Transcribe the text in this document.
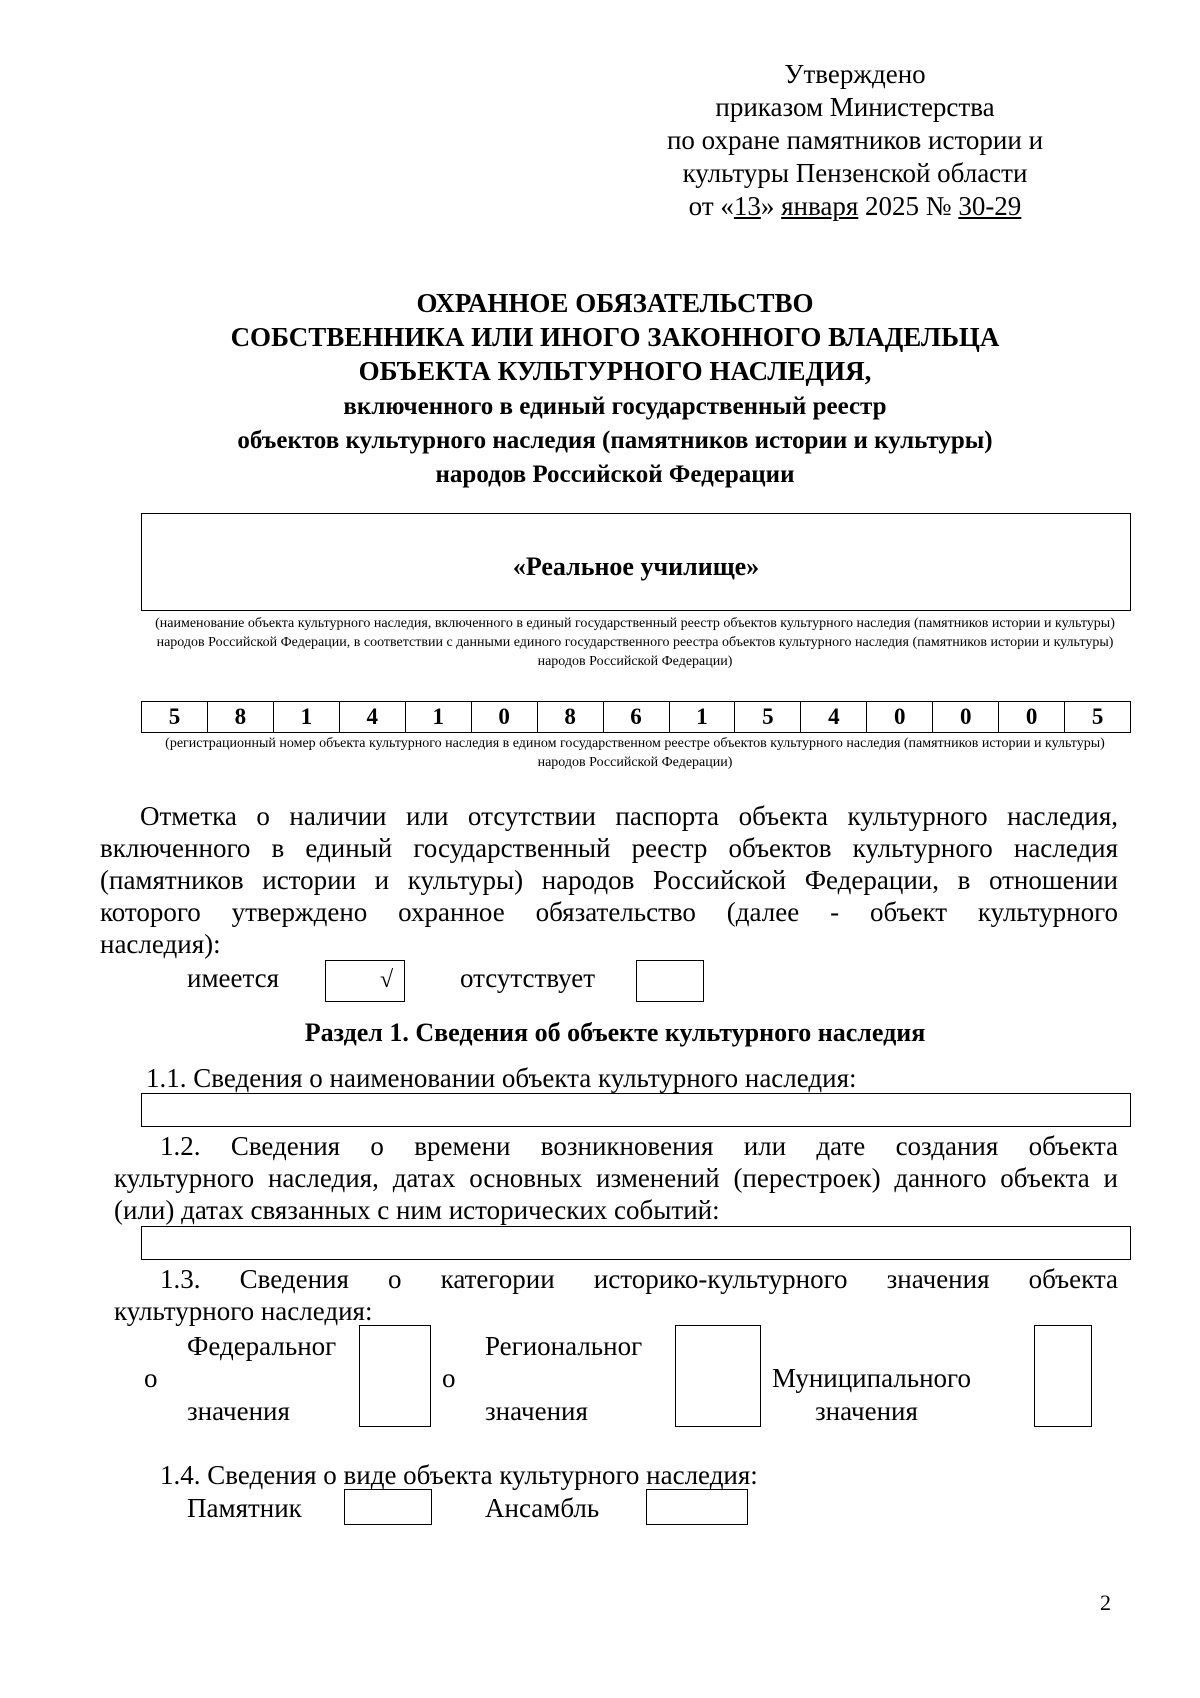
Утверждено
приказом Министерства
по охране памятников истории и
культуры Пензенской области
от «13» января 2025 № 30-29
ОХРАННОЕ ОБЯЗАТЕЛЬСТВО
СОБСТВЕННИКА ИЛИ ИНОГО ЗАКОННОГО ВЛАДЕЛЬЦА
ОБЪЕКТА КУЛЬТУРНОГО НАСЛЕДИЯ,
включенного в единый государственный реестр
объектов культурного наследия (памятников истории и культуры)
народов Российской Федерации
«Реальное училище»
(наименование объекта культурного наследия, включенного в единый государственный реестр объектов культурного наследия (памятников истории и культуры) народов Российской Федерации, в соответствии с данными единого государственного реестра объектов культурного наследия (памятников истории и культуры) народов Российской Федерации)
5	8	1	4	1	0	8	6	1	5	4	0	0	0	5
(регистрационный номер объекта культурного наследия в едином государственном реестре объектов культурного наследия (памятников истории и культуры) народов Российской Федерации)
Отметка о наличии или отсутствии паспорта объекта культурного наследия,
включенного в единый государственный реестр объектов культурного наследия
(памятников истории и культуры) народов Российской Федерации, в отношении
которого утверждено охранное обязательство (далее - объект культурного
наследия):
имеется	√ отсутствует
Раздел 1. Сведения об объекте культурного наследия
1.1. Сведения о наименовании объекта культурного наследия:
1.2. Сведения о времени возникновения или дате создания объекта
культурного наследия, датах основных изменений (перестроек) данного объекта и
(или) датах связанных с ним исторических событий:
1.3. Сведения о категории историко-культурного значения объекта
культурного наследия:
Федеральног
о
значения
Региональног
о
значения
Муниципального
значения
1.4. Сведения о виде объекта культурного наследия:
Памятник	Ансамбль
2
